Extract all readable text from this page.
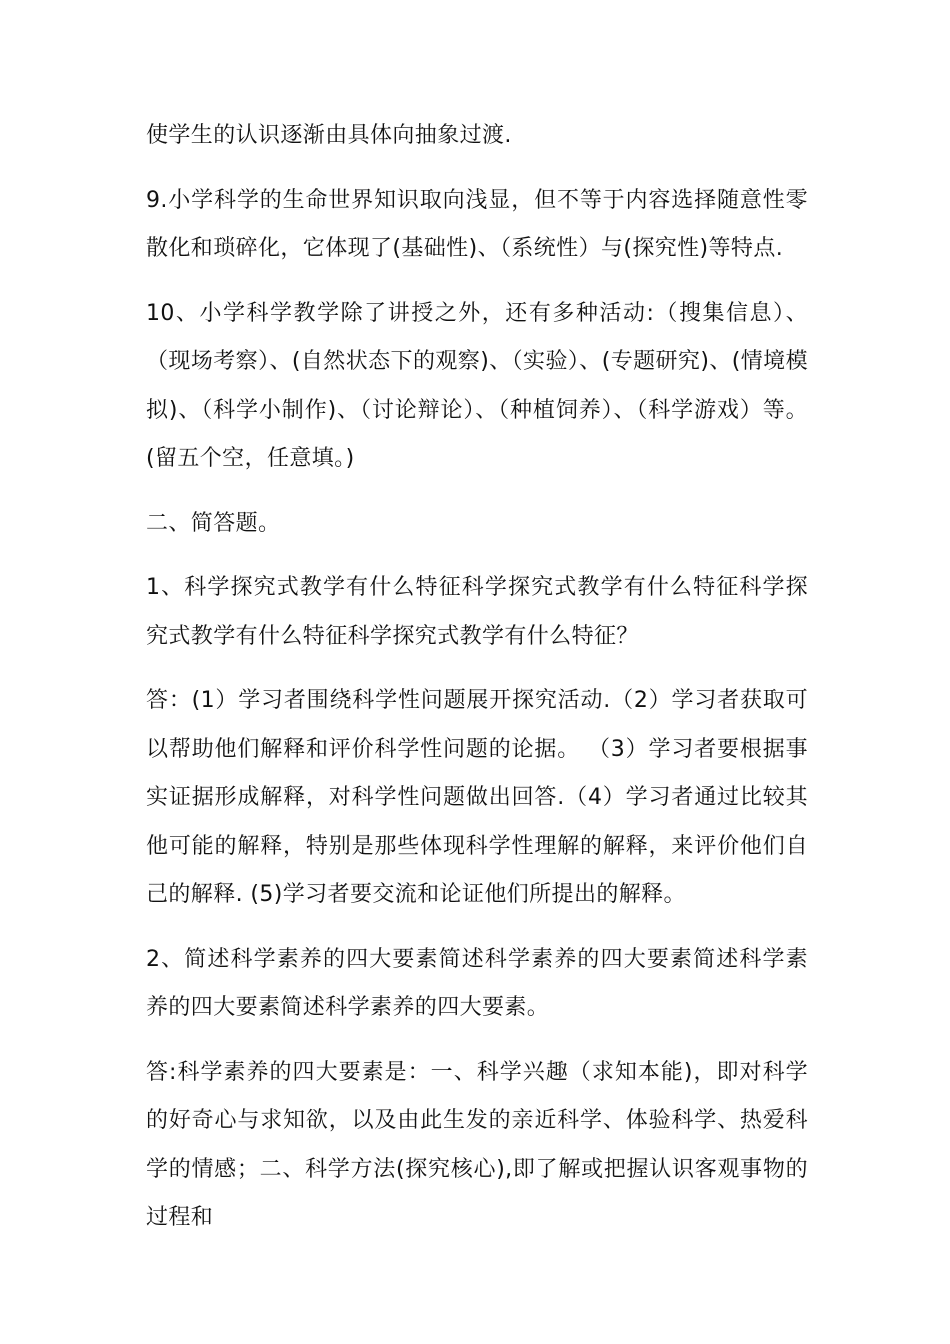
使学生的认识逐渐由具体向抽象过渡.

9.小学科学的生命世界知识取向浅显，但不等于内容选择随意性零散化和琐碎化，它体现了(基础性)、（系统性）与(探究性)等特点.

10、小学科学教学除了讲授之外，还有多种活动:（搜集信息）、（现场考察）、(自然状态下的观察)、（实验）、(专题研究)、(情境模拟)、（科学小制作)、（讨论辩论）、（种植饲养）、（科学游戏）等。(留五个空，任意填。)

二、简答题。

1、科学探究式教学有什么特征科学探究式教学有什么特征科学探究式教学有什么特征科学探究式教学有什么特征？

答：(1）学习者围绕科学性问题展开探究活动.（2）学习者获取可以帮助他们解释和评价科学性问题的论据。 （3）学习者要根据事实证据形成解释，对科学性问题做出回答.（4）学习者通过比较其他可能的解释，特别是那些体现科学性理解的解释，来评价他们自己的解释. (5)学习者要交流和论证他们所提出的解释。

2、简述科学素养的四大要素简述科学素养的四大要素简述科学素养的四大要素简述科学素养的四大要素。

答:科学素养的四大要素是：一、科学兴趣（求知本能)，即对科学的好奇心与求知欲，以及由此生发的亲近科学、体验科学、热爱科学的情感；二、科学方法(探究核心),即了解或把握认识客观事物的过程和
